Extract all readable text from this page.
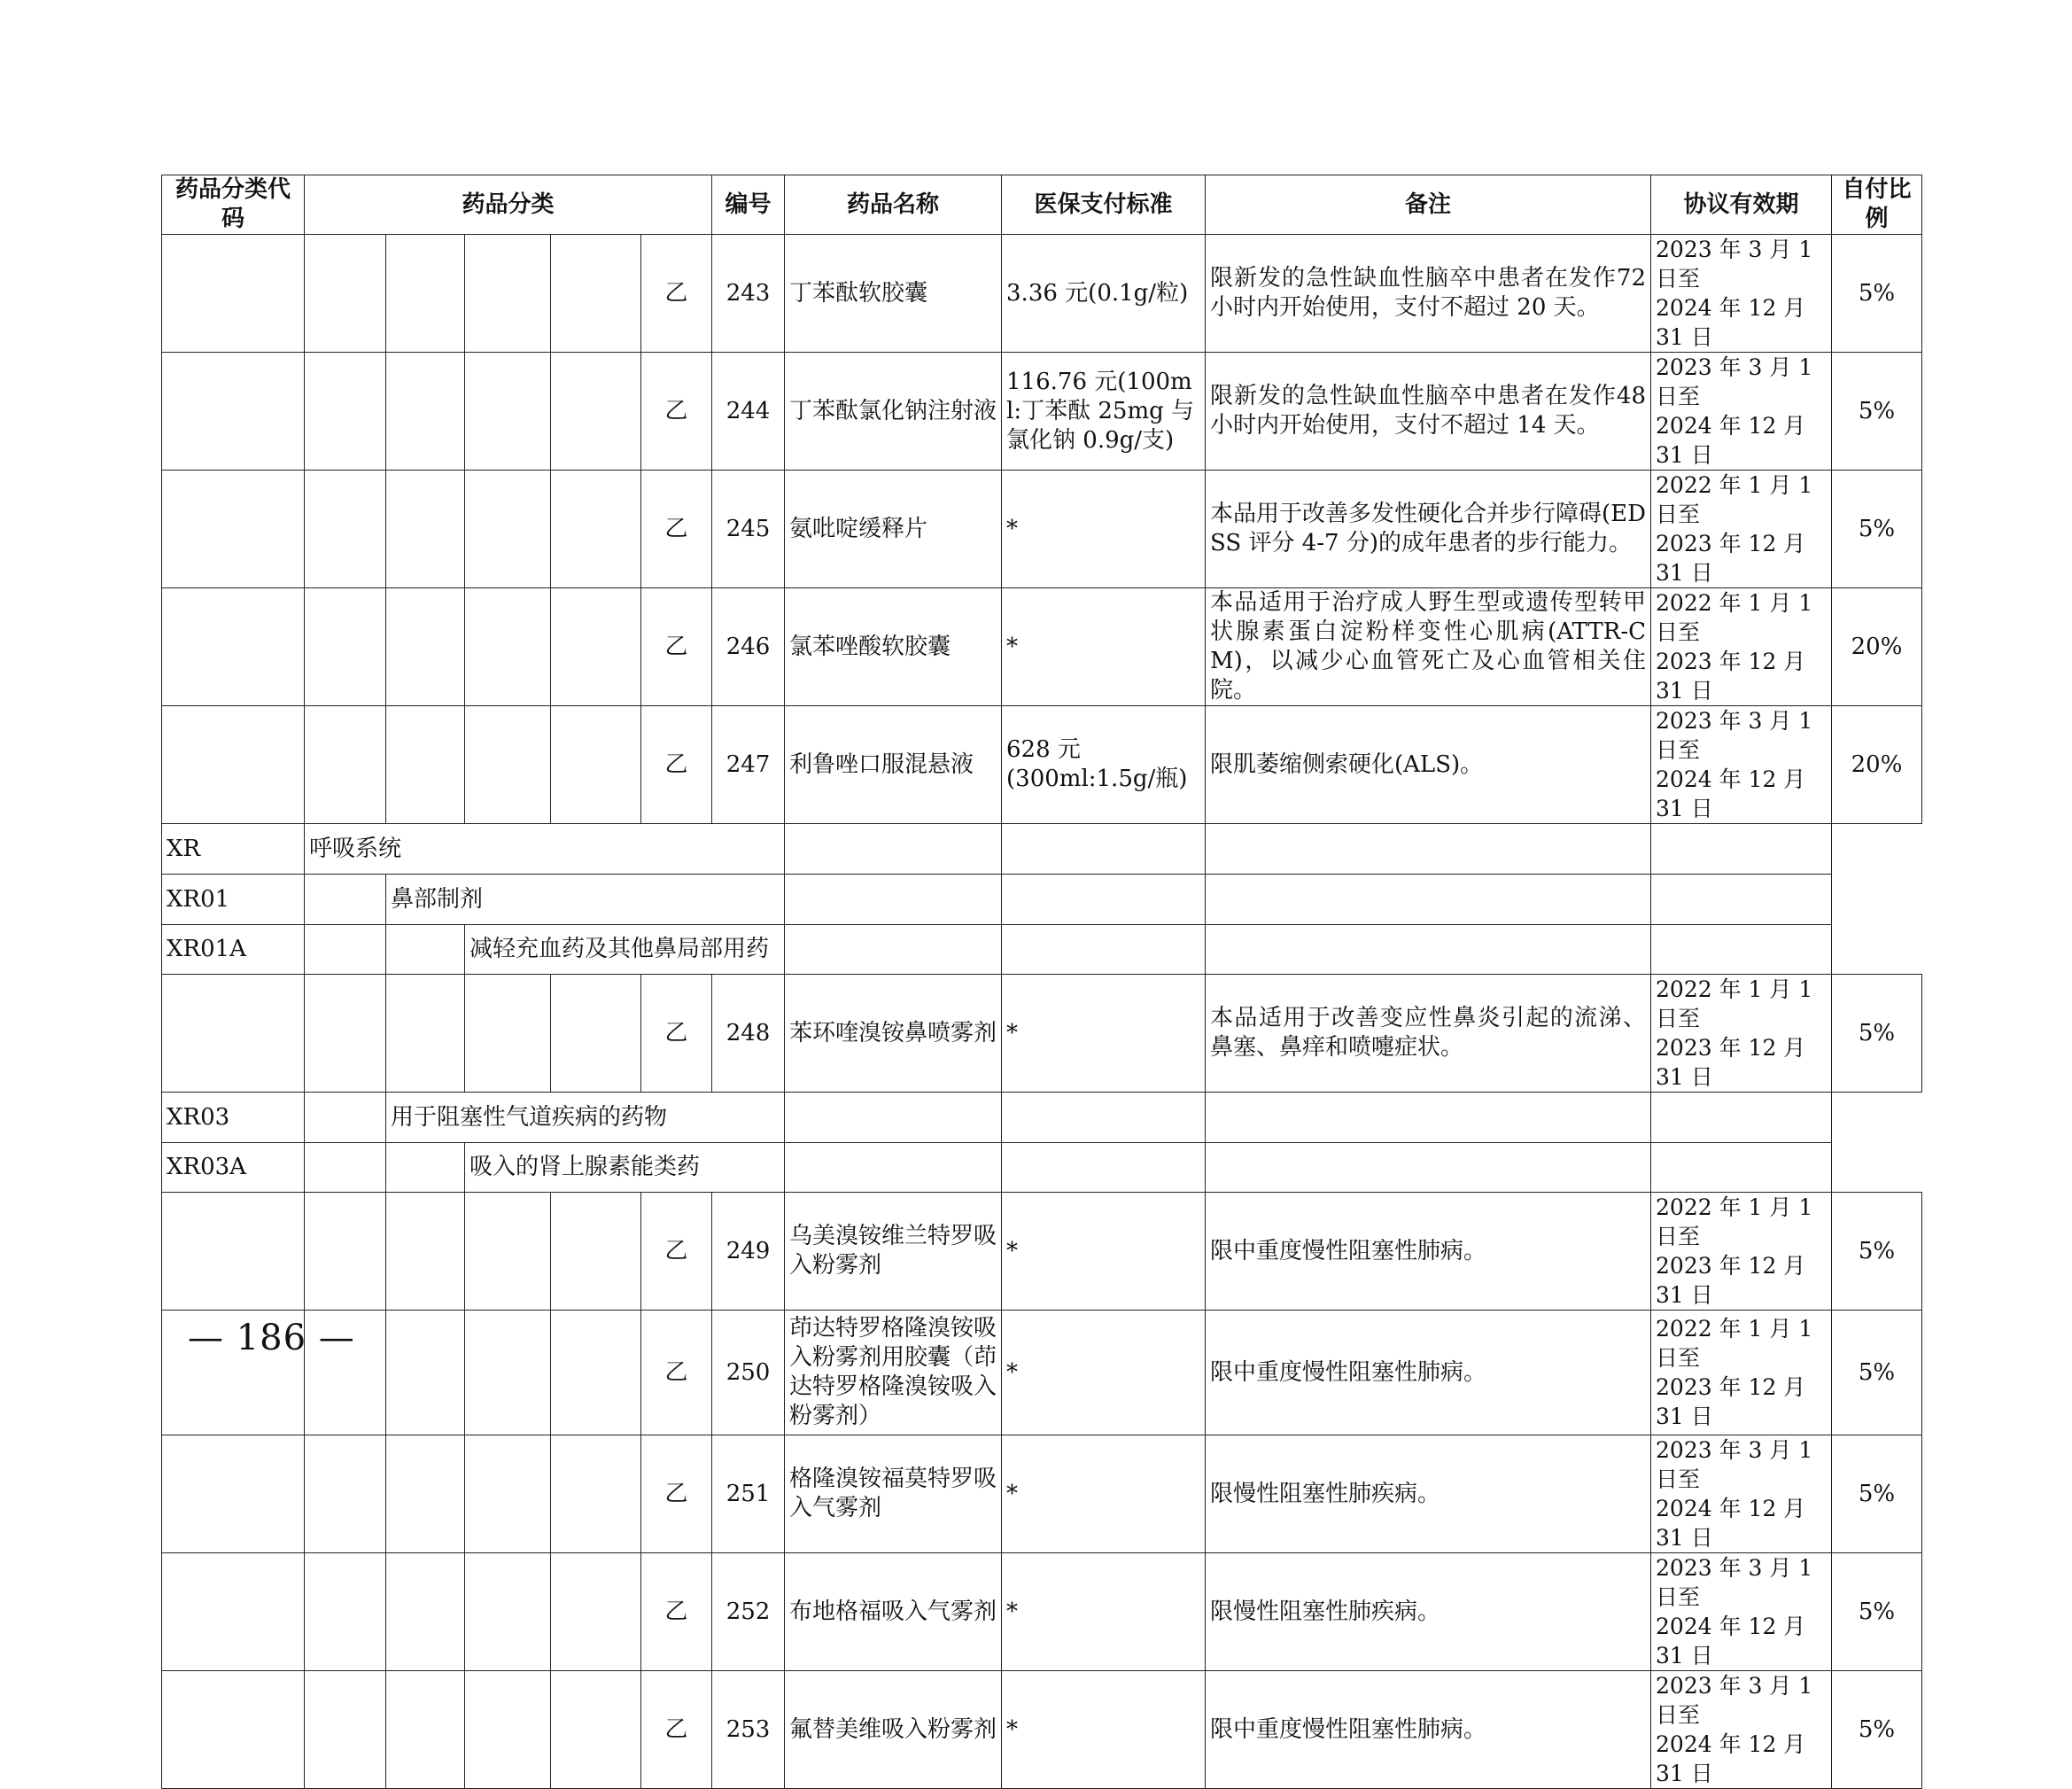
药品分类代码	药品分类					编号	药品名称	医保支付标准	备注	协议有效期	自付比例
					乙	243	丁苯酞软胶囊	3.36 元(0.1g/粒)	限新发的急性缺血性脑卒中患者在发作72 小时内开始使用，支付不超过 20 天。	2023 年 3 月 1 日至
2024 年 12 月 31 日	5%
					乙	244	丁苯酞氯化钠注射液	116.76 元(100ml:丁苯酞 25mg 与氯化钠 0.9g/支)	限新发的急性缺血性脑卒中患者在发作48 小时内开始使用，支付不超过 14 天。	2023 年 3 月 1 日至
2024 年 12 月 31 日	5%
					乙	245	氨吡啶缓释片	*	本品用于改善多发性硬化合并步行障碍(EDSS 评分 4-7 分)的成年患者的步行能力。	2022 年 1 月 1 日至
2023 年 12 月 31 日	5%
					乙	246	氯苯唑酸软胶囊	*	本品适用于治疗成人野生型或遗传型转甲状腺素蛋白淀粉样变性心肌病(ATTR-CM)，以减少心血管死亡及心血管相关住院。	2022 年 1 月 1 日至
2023 年 12 月 31 日	20%
					乙	247	利鲁唑口服混悬液	628 元
(300ml:1.5g/瓶)	限肌萎缩侧索硬化(ALS)。	2023 年 3 月 1 日至
2024 年 12 月 31 日	20%
XR	呼吸系统										
XR01		鼻部制剂									
XR01A			减轻充血药及其他鼻局部用药								
					乙	248	苯环喹溴铵鼻喷雾剂	*	本品适用于改善变应性鼻炎引起的流涕、鼻塞、鼻痒和喷嚏症状。	2022 年 1 月 1 日至
2023 年 12 月 31 日	5%
XR03		用于阻塞性气道疾病的药物									
XR03A			吸入的肾上腺素能类药								
					乙	249	乌美溴铵维兰特罗吸入粉雾剂	*	限中重度慢性阻塞性肺病。	2022 年 1 月 1 日至
2023 年 12 月 31 日	5%
					乙	250	茚达特罗格隆溴铵吸入粉雾剂用胶囊（茚达特罗格隆溴铵吸入粉雾剂）	*	限中重度慢性阻塞性肺病。	2022 年 1 月 1 日至
2023 年 12 月 31 日	5%
					乙	251	格隆溴铵福莫特罗吸入气雾剂	*	限慢性阻塞性肺疾病。	2023 年 3 月 1 日至
2024 年 12 月 31 日	5%
					乙	252	布地格福吸入气雾剂	*	限慢性阻塞性肺疾病。	2023 年 3 月 1 日至
2024 年 12 月 31 日	5%
					乙	253	氟替美维吸入粉雾剂	*	限中重度慢性阻塞性肺病。	2023 年 3 月 1 日至
2024 年 12 月 31 日	5%
— 186 —
